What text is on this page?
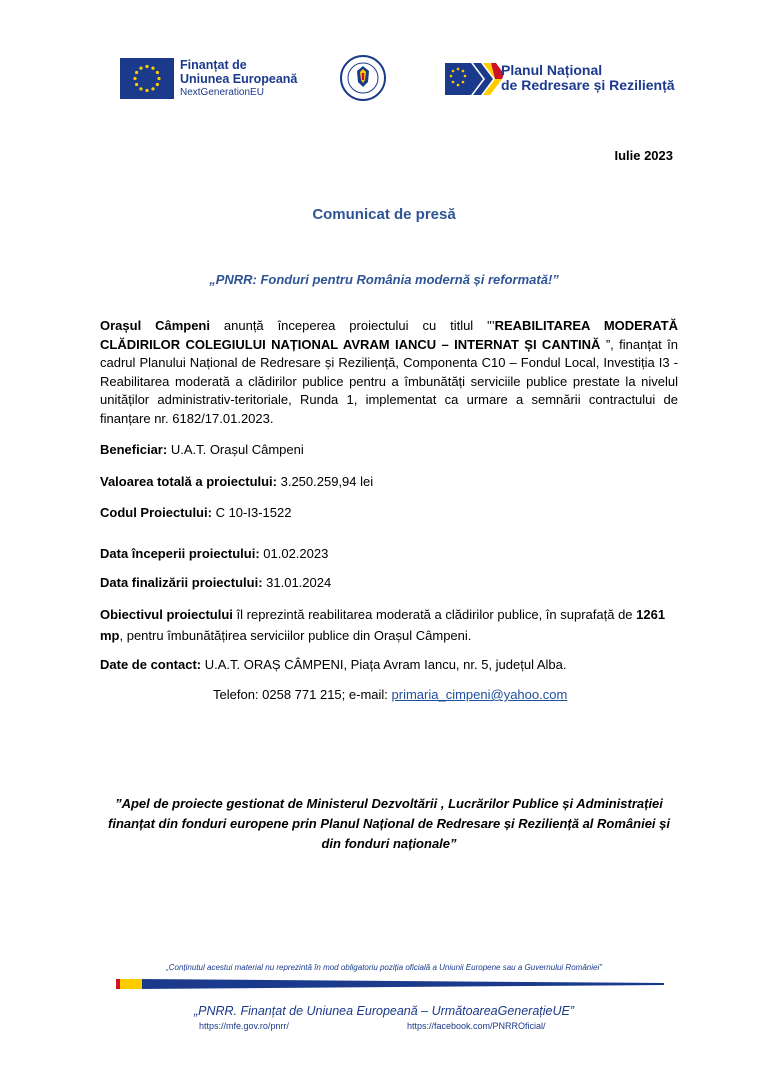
Finanțat de
Uniunea Europeană
NextGenerationEU
Planul Național
de Redresare și Reziliență
Iulie 2023
Comunicat de presă
„PNRR: Fonduri pentru România modernă și reformată!”
Orașul Câmpeni anunță începerea proiectului cu titlul "’REABILITAREA MODERATĂ CLĂDIRILOR COLEGIULUI NAȚIONAL AVRAM IANCU – INTERNAT ȘI CANTINĂ ”, finanțat în cadrul Planului Național de Redresare și Reziliență, Componenta C10 – Fondul Local, Investiția I3 - Reabilitarea moderată a clădirilor publice pentru a îmbunătăți serviciile publice prestate la nivelul unităților administrativ-teritoriale, Runda 1, implementat ca urmare a semnării contractului de finanțare nr. 6182/17.01.2023.
Beneficiar: U.A.T. Orașul Câmpeni
Valoarea totală a proiectului: 3.250.259,94 lei
Codul Proiectului: C 10-I3-1522
Data începerii proiectului: 01.02.2023
Data finalizării proiectului: 31.01.2024
Obiectivul proiectului îl reprezintă reabilitarea moderată a clădirilor publice, în suprafață de 1261 mp, pentru îmbunătățirea serviciilor publice din Orașul Câmpeni.
Date de contact: U.A.T. ORAȘ CÂMPENI, Piața Avram Iancu, nr. 5, județul Alba.
Telefon: 0258 771 215; e-mail: primaria_cimpeni@yahoo.com
”Apel de proiecte gestionat de Ministerul Dezvoltării , Lucrărilor Publice și Administrației finanțat din fonduri europene prin Planul Național de Redresare și Reziliență al României și din fonduri naționale”
„Conținutul acestui material nu reprezintă în mod obligatoriu poziția oficială a Uniunii Europene sau a Guvernului României”
„PNRR. Finanțat de Uniunea Europeană – UrmătoareaGenerațieUE”
https://mfe.gov.ro/pnrr/	https://facebook.com/PNRROficial/
